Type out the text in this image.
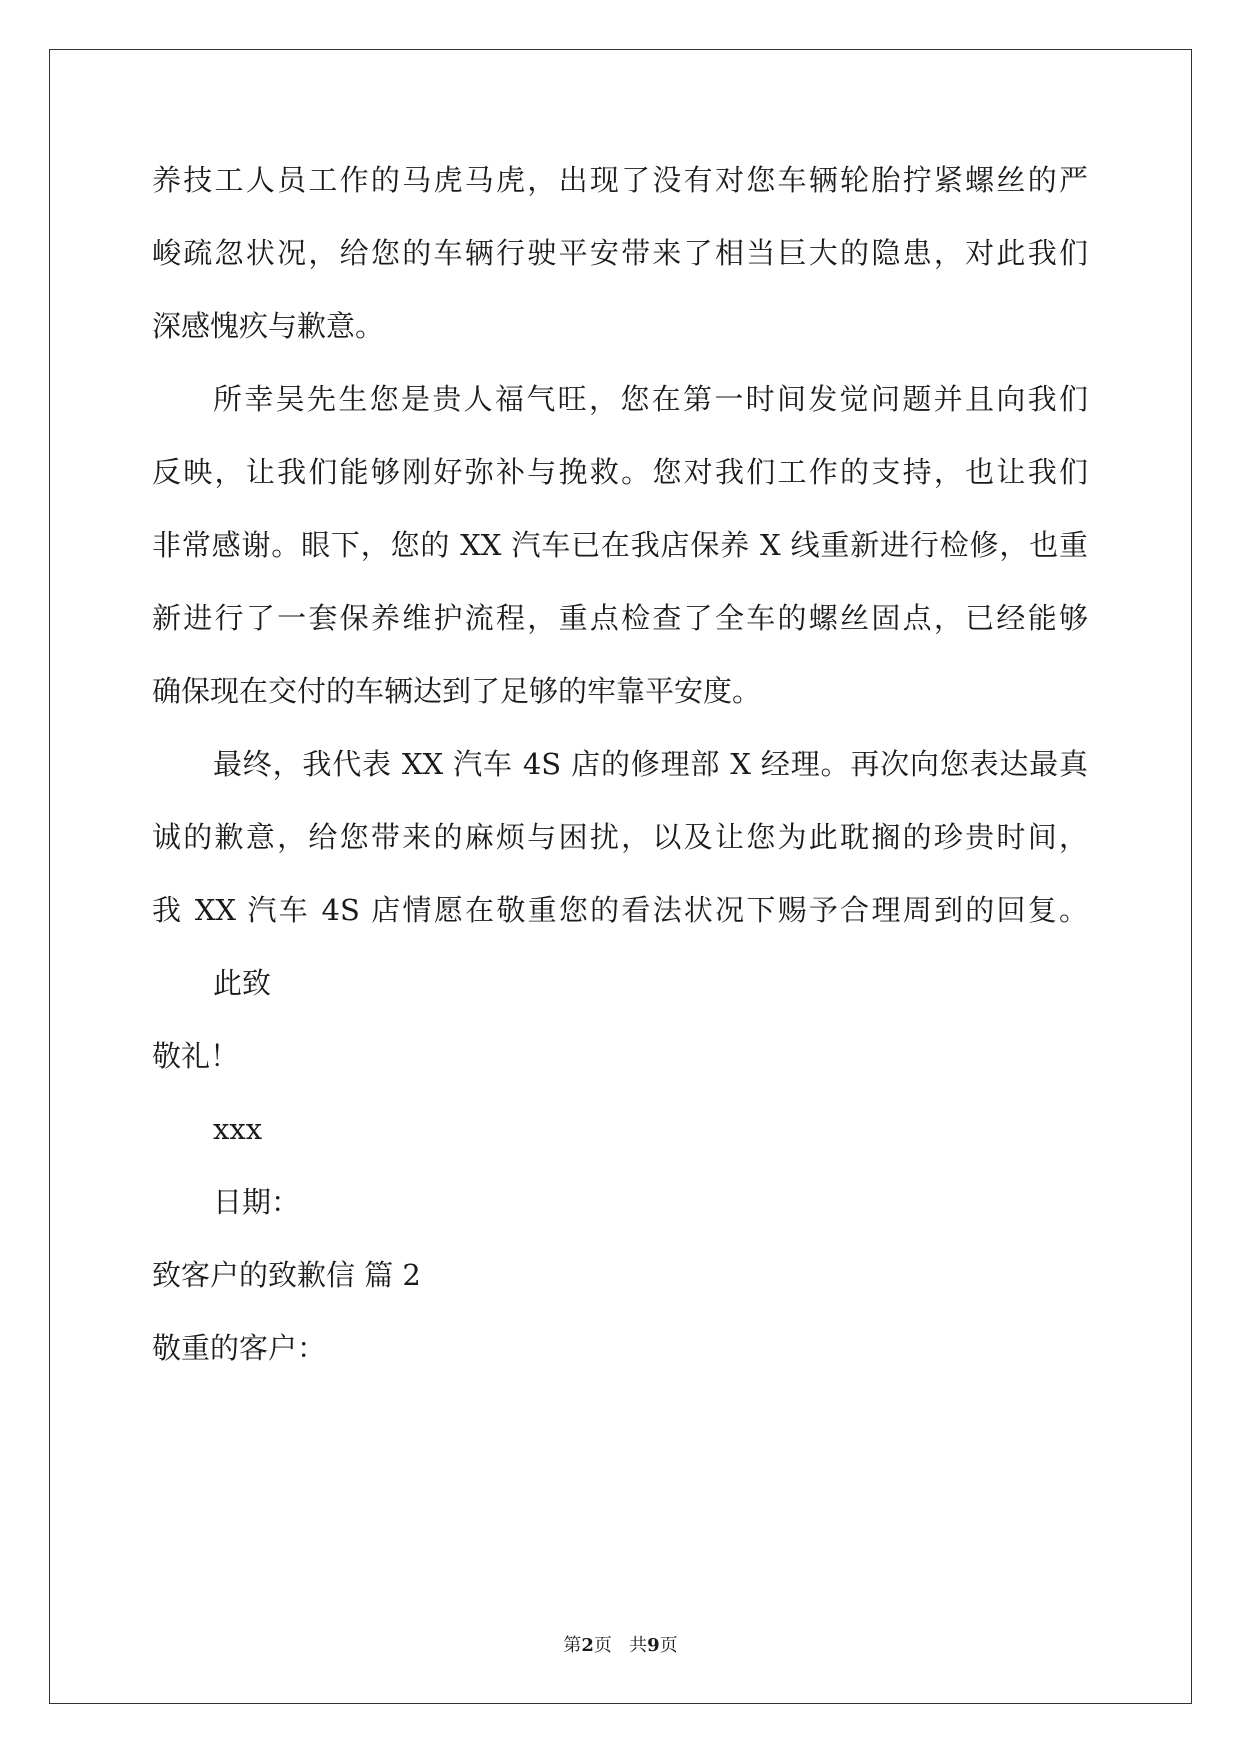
养技工人员工作的马虎马虎，出现了没有对您车辆轮胎拧紧螺丝的严
峻疏忽状况，给您的车辆行驶平安带来了相当巨大的隐患，对此我们
深感愧疚与歉意。
所幸吴先生您是贵人福气旺，您在第一时间发觉问题并且向我们
反映，让我们能够刚好弥补与挽救。您对我们工作的支持，也让我们
非常感谢。眼下，您的 XX 汽车已在我店保养 X 线重新进行检修，也重
新进行了一套保养维护流程，重点检查了全车的螺丝固点，已经能够
确保现在交付的车辆达到了足够的牢靠平安度。
最终，我代表 XX 汽车 4S 店的修理部 X 经理。再次向您表达最真
诚的歉意，给您带来的麻烦与困扰，以及让您为此耽搁的珍贵时间，
我 XX 汽车 4S 店情愿在敬重您的看法状况下赐予合理周到的回复。
此致
敬礼！
xxx
日期：
致客户的致歉信 篇 2
敬重的客户：
第2页 共9页
